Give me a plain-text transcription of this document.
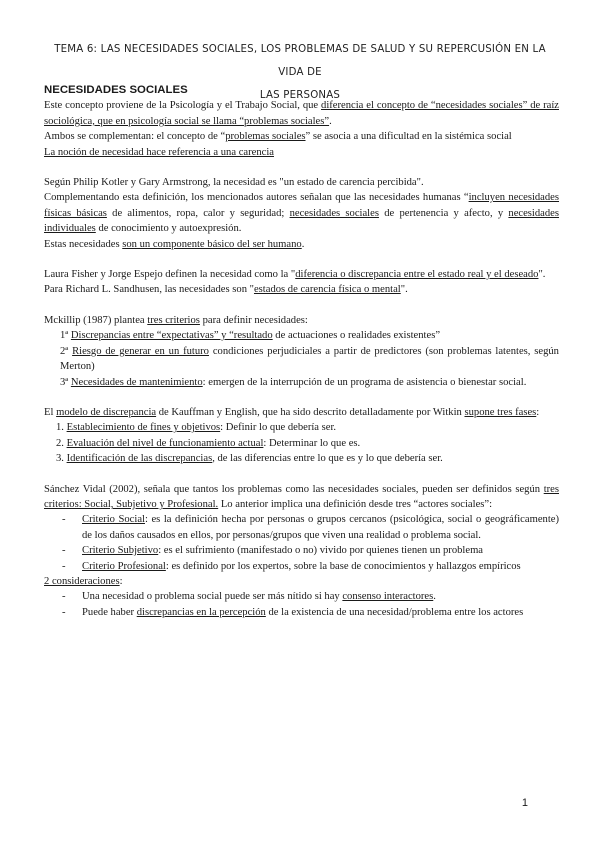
TEMA 6: LAS NECESIDADES SOCIALES, LOS PROBLEMAS DE SALUD Y SU REPERCUSIÓN EN LA VIDA DE
LAS PERSONAS

NECESIDADES SOCIALES

Este concepto proviene de la Psicología y el Trabajo Social, que diferencia el concepto de “necesidades sociales” de raíz sociológica, que en psicología social se llama “problemas sociales”.

Ambos se complementan: el concepto de “problemas sociales” se asocia a una dificultad en la sistémica social

La noción de necesidad hace referencia a una carencia

Según Philip Kotler y Gary Armstrong, la necesidad es "un estado de carencia percibida".

Complementando esta definición, los mencionados autores señalan que las necesidades humanas “incluyen necesidades físicas básicas de alimentos, ropa, calor y seguridad; necesidades sociales de pertenencia y afecto, y necesidades individuales de conocimiento y autoexpresión.

Estas necesidades son un componente básico del ser humano.

Laura Fisher y Jorge Espejo definen la necesidad como la "diferencia o discrepancia entre el estado real y el deseado".

Para Richard L. Sandhusen, las necesidades son "estados de carencia física o mental".

Mckillip (1987) plantea tres criterios para definir necesidades:

1ª Discrepancias entre “expectativas” y “resultado de actuaciones o realidades existentes”

2ª Riesgo de generar en un futuro condiciones perjudiciales a partir de predictores (son problemas latentes, según Merton)

3ª Necesidades de mantenimiento: emergen de la interrupción de un programa de asistencia o bienestar social.

El modelo de discrepancia de Kauffman y English, que ha sido descrito detalladamente por Witkin supone tres fases:

1. Establecimiento de fines y objetivos: Definir lo que debería ser.

2. Evaluación del nivel de funcionamiento actual: Determinar lo que es.

3. Identificación de las discrepancias, de las diferencias entre lo que es y lo que debería ser.

Sánchez Vidal (2002), señala que tantos los problemas como las necesidades sociales, pueden ser definidos según tres criterios: Social, Subjetivo y Profesional. Lo anterior implica una definición desde tres “actores sociales”:

- Criterio Social: es la definición hecha por personas o grupos cercanos (psicológica, social o geográficamente) de los daños causados en ellos, por personas/grupos que viven una realidad o problema social.

- Criterio Subjetivo: es el sufrimiento (manifestado o no) vivido por quienes tienen un problema

- Criterio Profesional: es definido por los expertos, sobre la base de conocimientos y hallazgos empíricos

2 consideraciones:

- Una necesidad o problema social puede ser más nítido si hay consenso interactores.

- Puede haber discrepancias en la percepción de la existencia de una necesidad/problema entre los actores

1
